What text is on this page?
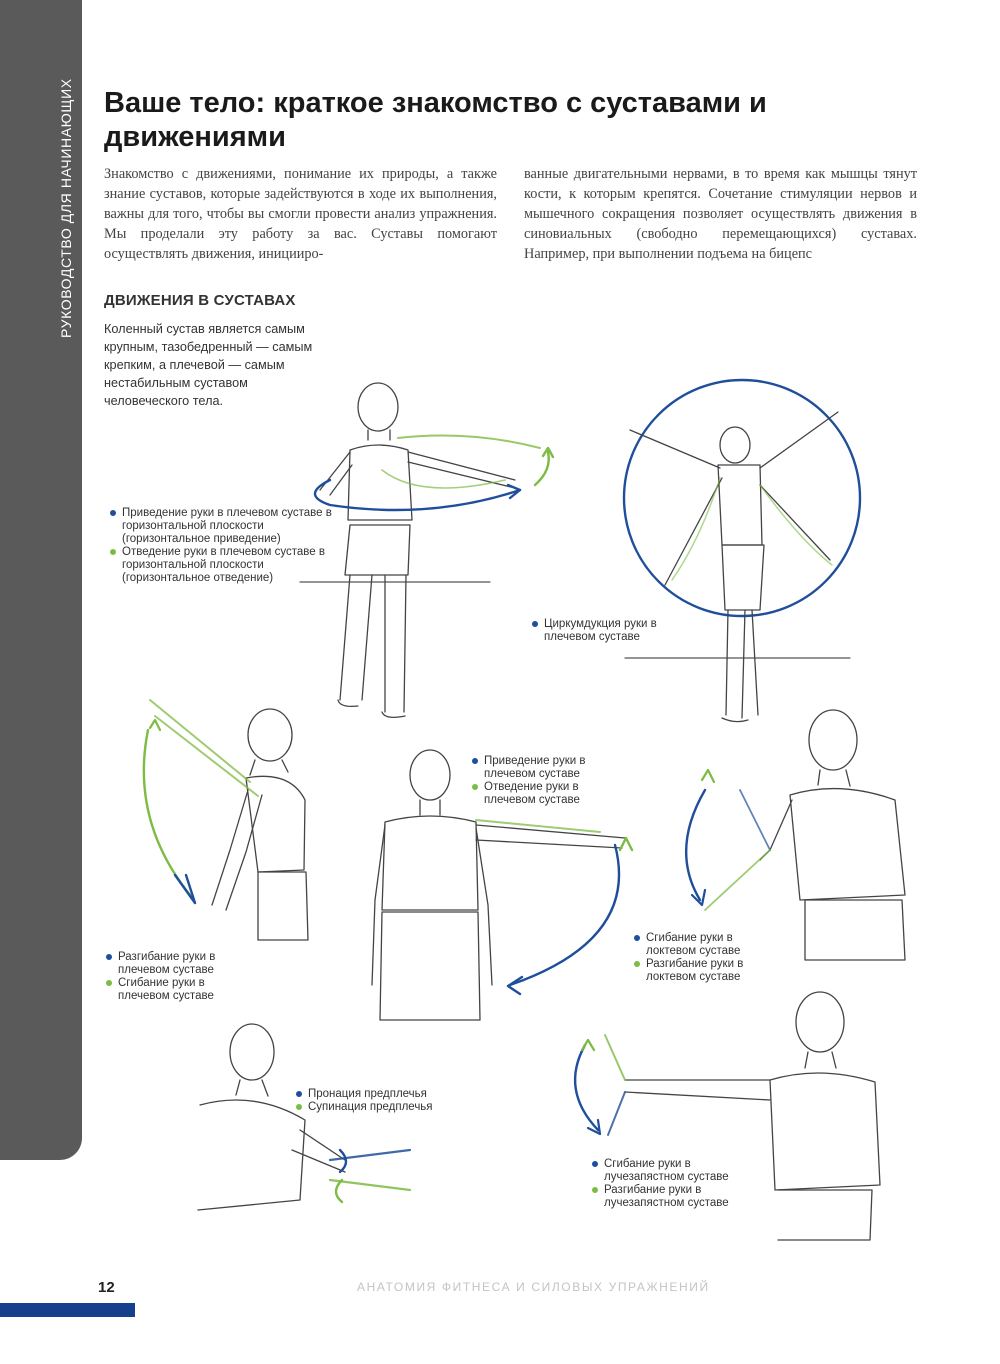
РУКОВОДСТВО ДЛЯ НАЧИНАЮЩИХ Ваше тело: краткое знакомство с суставами и движениями

Знакомство с движениями, понимание их природы, а также знание суставов, которые задействуются в ходе их выполнения, важны для того, чтобы вы смогли провести анализ упражнения. Мы проделали эту работу за вас. Суставы помогают осуществлять движения, иницииро-

ванные двигательными нервами, в то время как мышцы тянут кости, к которым крепятся. Сочетание стимуляции нервов и мышечного сокращения позволяет осуществлять движения в синовиальных (свободно перемещающихся) суставах. Например, при выполнении подъема на бицепс

ДВИЖЕНИЯ В СУСТАВАХ

Коленный сустав является самым крупным, тазобедренный — самым крепким, а плечевой — самым нестабильным суставом человеческого тела.

Приведение руки в плечевом суставе в горизонтальной плоскости (горизонтальное приведение)
Отведение руки в плечевом суставе в горизонтальной плоскости (горизонтальное отведение)
Циркумдукция руки в плечевом суставе
Приведение руки в плечевом суставе
Отведение руки в плечевом суставе
Разгибание руки в плечевом суставе
Сгибание руки в плечевом суставе
Сгибание руки в локтевом суставе
Разгибание руки в локтевом суставе
Пронация предплечья
Супинация предплечья
Сгибание руки в лучезапястном суставе
Разгибание руки в лучезапястном суставе
12	АНАТОМИЯ ФИТНЕСА И СИЛОВЫХ УПРАЖНЕНИЙ
